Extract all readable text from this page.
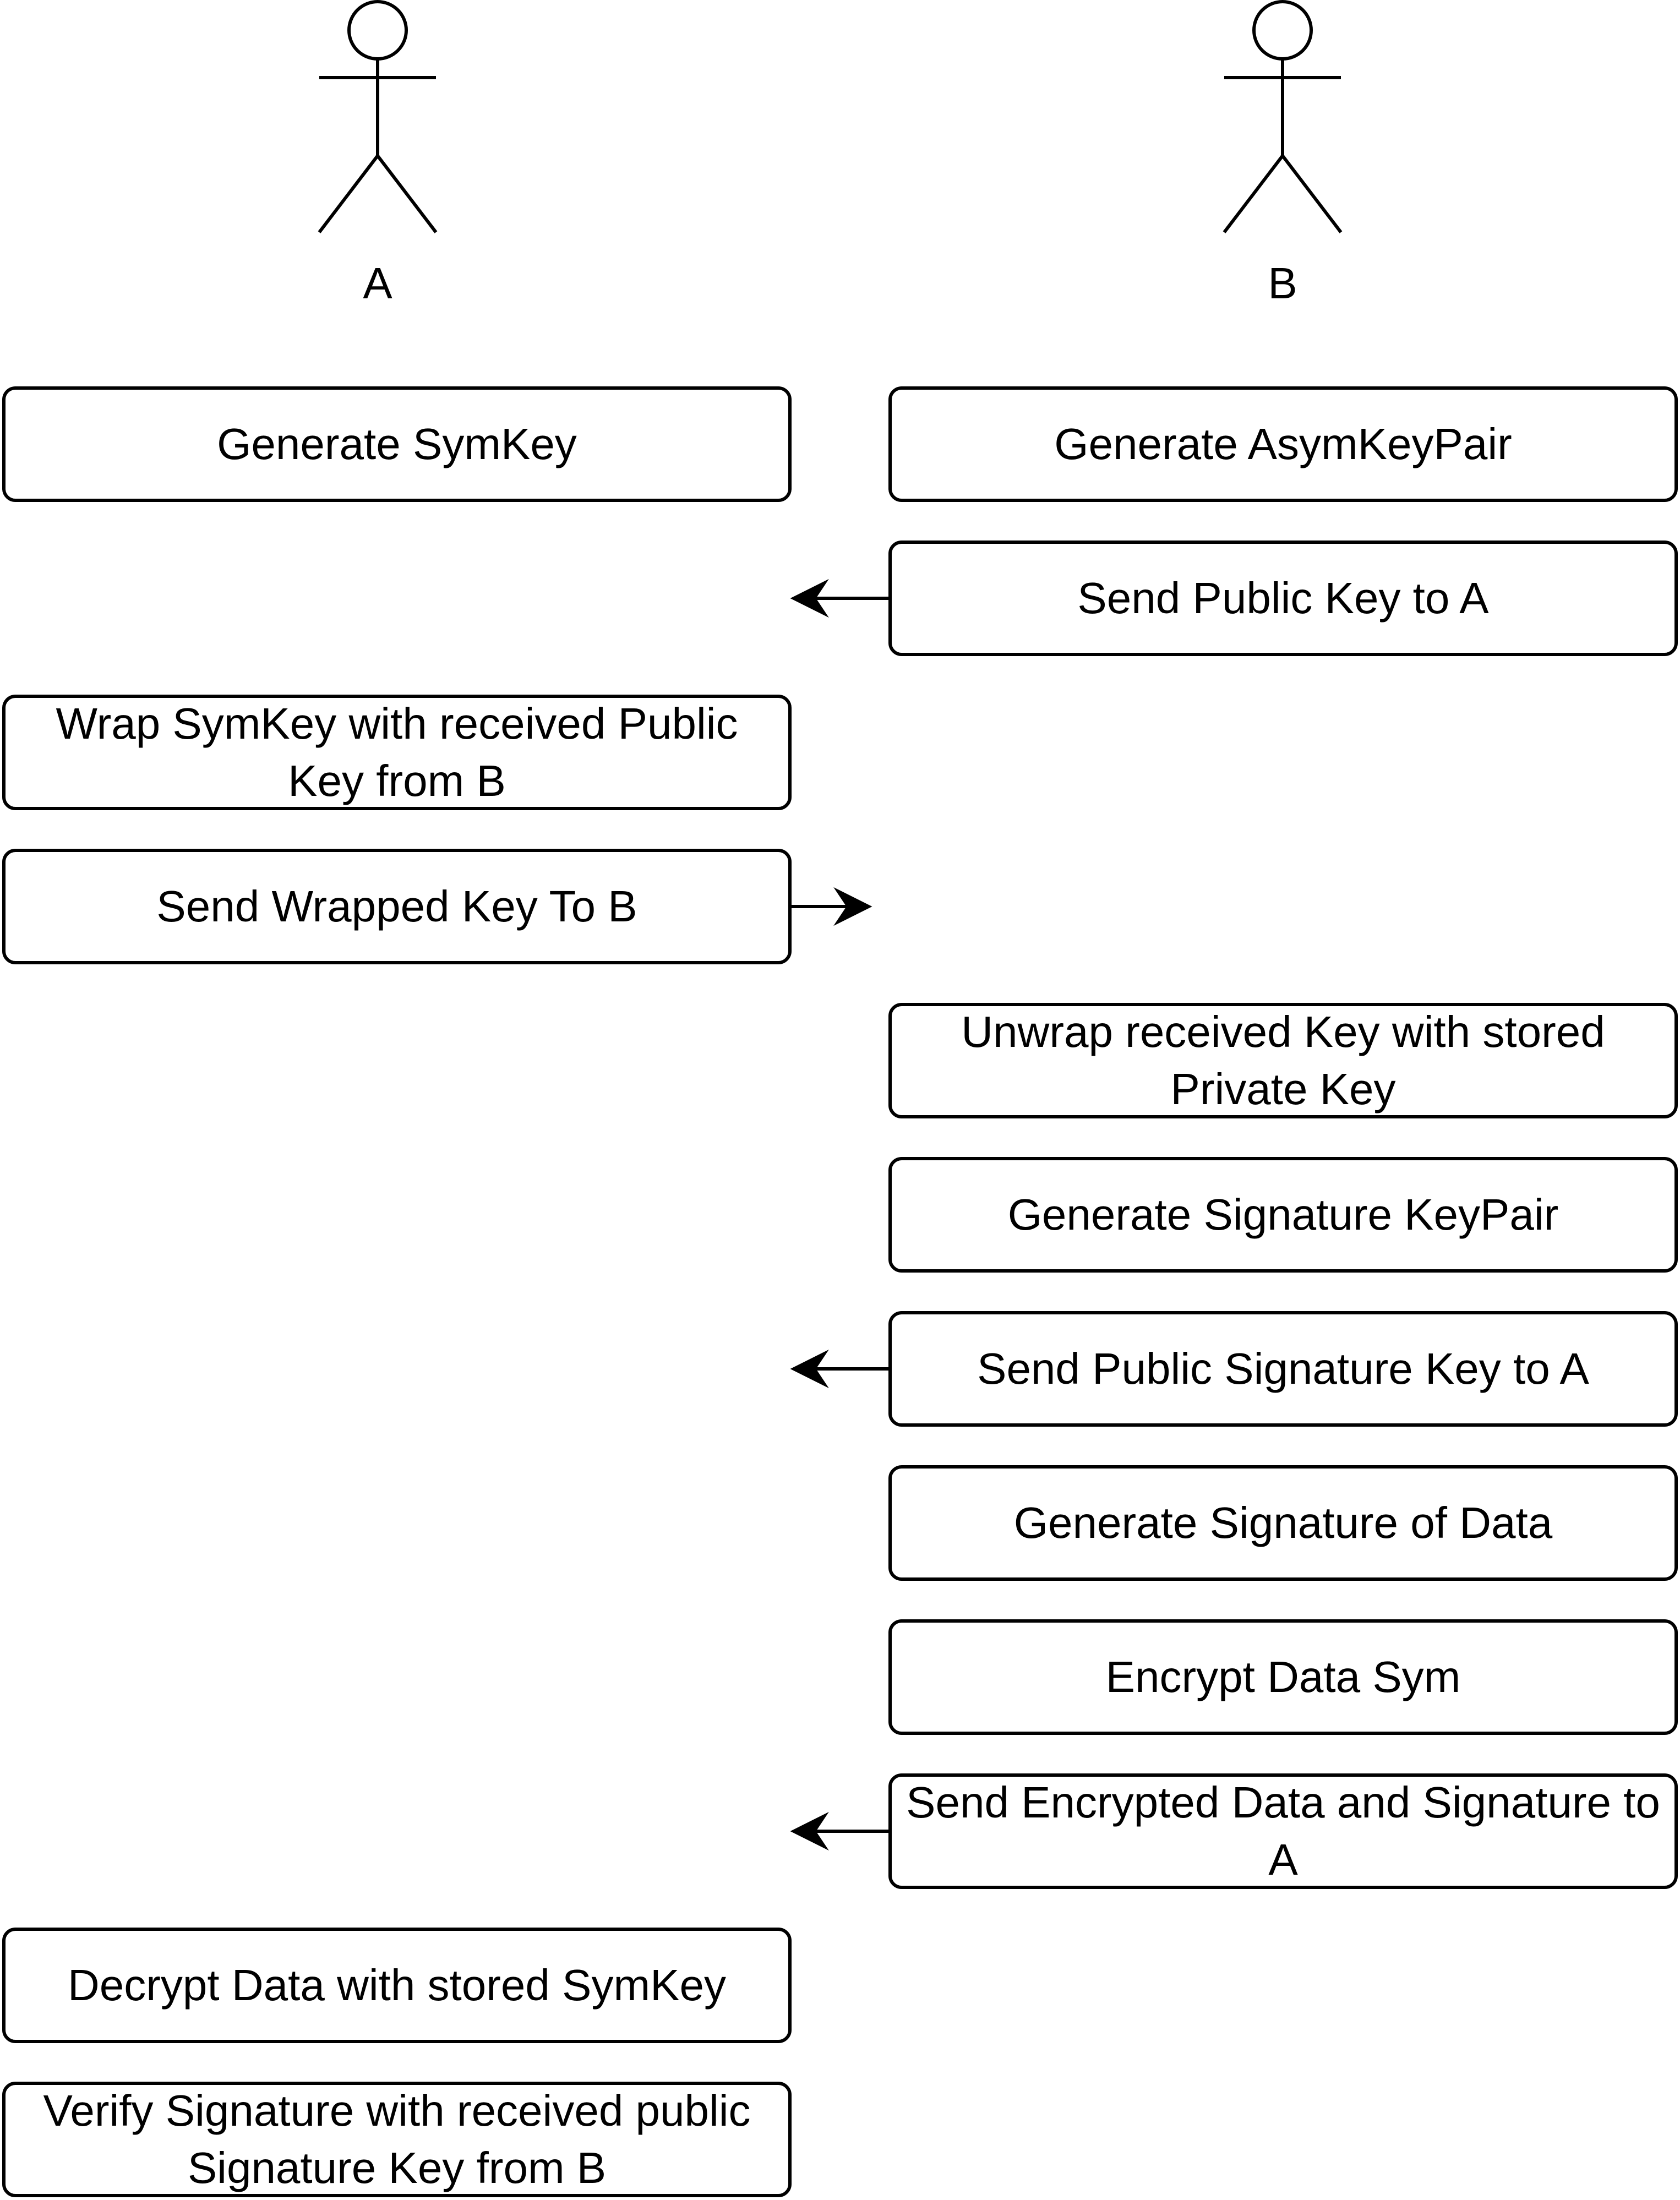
A	B
Generate SymKey	Generate AsymKeyPair
Send Public Key to A
Wrap SymKey with received Public Key from B
Send Wrapped Key To B
Unwrap received Key with stored Private Key
Generate Signature KeyPair
Send Public Signature Key to A
Generate Signature of Data
Encrypt Data Sym
Send Encrypted Data and Signature to A
Decrypt Data with stored SymKey
Verify Signature with received public Signature Key from B
